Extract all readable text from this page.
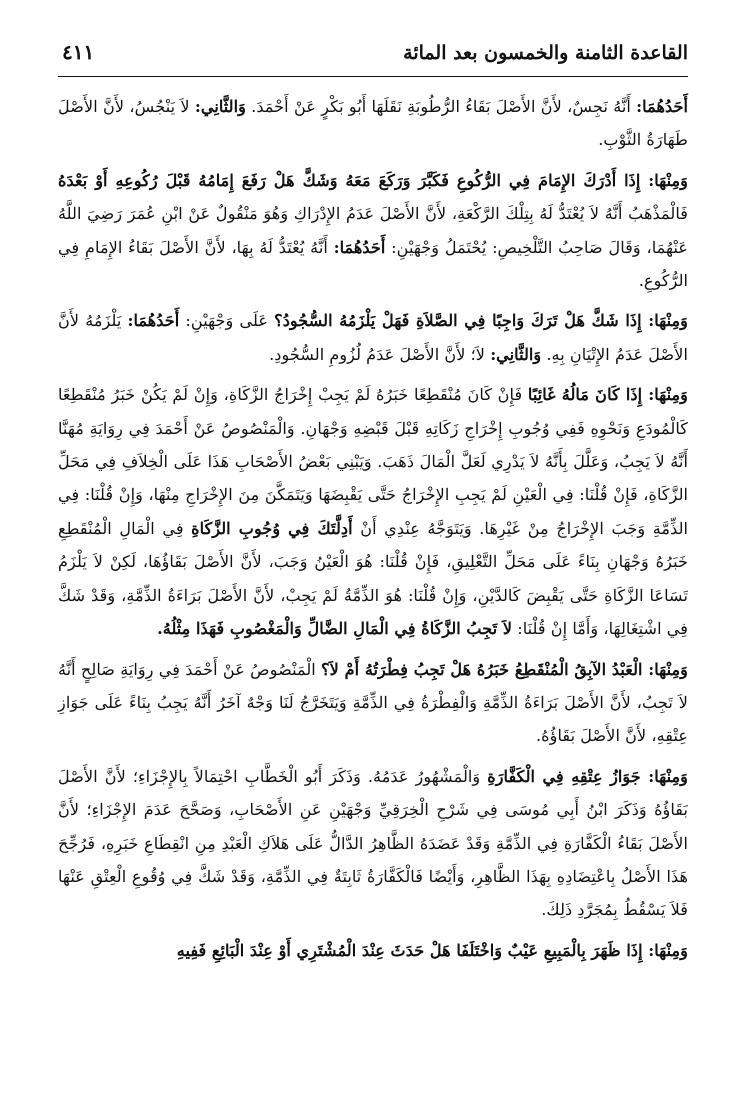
القاعدة الثامنة والخمسون بعد المائة
٤١١

أَحَدُهُمَا: أَنَّهُ نَجِسٌ، لأَنَّ الأَصْلَ بَقَاءُ الرُّطُوبَةِ نَقَلَهَا أَبُو بَكْرٍ عَنْ أَحْمَدَ. وَالثَّانِي: لاَ يَنْجُسُ، لأَنَّ الأَصْلَ طَهَارَةُ الثَّوْبِ.

وَمِنْهَا: إِذَا أَدْرَكَ الإِمَامَ فِي الرُّكُوعِ فَكَبَّرَ وَرَكَعَ مَعَهُ وَشَكَّ هَلْ رَفَعَ إِمَامُهُ قَبْلَ رُكُوعِهِ أَوْ بَعْدَهُ فَالْمَذْهَبُ أَنَّهُ لاَ يُعْتَدُّ لَهُ بِتِلْكَ الرَّكْعَةِ، لأَنَّ الأَصْلَ عَدَمُ الإِدْرَاكِ وَهُوَ مَنْقُولٌ عَنْ ابْنِ عُمَرَ رَضِيَ اللَّهُ عَنْهُمَا، وَقَالَ صَاحِبُ التَّلْخِيصِ: يُحْتَمَلُ وَجْهَيْنِ: أَحَدُهُمَا: أَنَّهُ يُعْتَدُّ لَهُ بِهَا، لأَنَّ الأَصْلَ بَقَاءُ الإِمَامِ فِي الرُّكُوعِ.

وَمِنْهَا: إِذَا شَكَّ هَلْ تَرَكَ وَاجِبًا فِي الصَّلاَةِ فَهَلْ يَلْزَمُهُ السُّجُودُ؟ عَلَى وَجْهَيْنِ: أَحَدُهُمَا: يَلْزَمُهُ لأَنَّ الأَصْلَ عَدَمُ الإِتْيَانِ بِهِ. وَالثَّانِي: لاَ؛ لأَنَّ الأَصْلَ عَدَمُ لُزُومِ السُّجُودِ.

وَمِنْهَا: إِذَا كَانَ مَالُهُ غَائِبًا فَإِنْ كَانَ مُنْقَطِعًا خَبَرُهُ لَمْ يَجِبْ إِخْرَاجُ الزَّكَاةِ، وَإِنْ لَمْ يَكُنْ خَبَرُ مُنْقَطِعًا كَالْمُودَعِ وَنَحْوِهِ فَفِي وُجُوبِ إِخْرَاجِ زَكَاتِهِ قَبْلَ قَبْضِهِ وَجْهَانِ. وَالْمَنْصُوصُ عَنْ أَحْمَدَ فِي رِوَايَةِ مُهَنَّا أَنَّهُ لاَ يَجِبُ، وَعَلَّلَ بِأَنَّهُ لاَ يَدْرِي لَعَلَّ الْمَالَ ذَهَبَ. وَيَبْنِي بَعْضُ الأَصْحَابِ هَذَا عَلَى الْخِلاَفِ فِي مَحَلِّ الزَّكَاةِ، فَإِنْ قُلْنَا: فِي الْعَيْنِ لَمْ يَجِبِ الإِخْرَاجُ حَتَّى يَقْبِضَهَا وَيَتَمَكَّنَ مِنَ الإِخْرَاجِ مِنْهَا، وَإِنْ قُلْنَا: فِي الذِّمَّةِ وَجَبَ الإِخْرَاجُ مِنْ غَيْرِهَا. وَيَتَوَجَّهُ عِنْدِي أَنْ أَدِلَّتَكَ فِي وُجُوبِ الزَّكَاةِ فِي الْمَالِ الْمُنْقَطِعِ خَبَرُهُ وَجْهَانِ بِنَاءً عَلَى مَحَلِّ التَّعْلِيقِ، فَإِنْ قُلْنَا: هُوَ الْعَيْنُ وَجَبَ، لأَنَّ الأَصْلَ بَقَاؤُهَا، لَكِنْ لاَ يَلْزَمُ تَسَاعَا الزَّكَاةِ حَتَّى يَقْبِضَ كَالدَّيْنِ، وَإِنْ قُلْنَا: هُوَ الذِّمَّةُ لَمْ يَجِبْ، لأَنَّ الأَصْلَ بَرَاءَةُ الذِّمَّةِ، وَقَدْ شَكَّ فِي اشْتِغَالِهَا، وَأَمَّا إِنْ قُلْنَا: لاَ تَجِبُ الزَّكَاةُ فِي الْمَالِ الضَّالِّ وَالْمَغْصُوبِ فَهَذَا مِثْلُهُ.

وَمِنْهَا: الْعَبْدُ الآبِقُ الْمُنْقَطِعُ خَبَرُهُ هَلْ تَجِبُ فِطْرَتُهُ أَمْ لاَ؟ الْمَنْصُوصُ عَنْ أَحْمَدَ فِي رِوَايَةِ صَالِحٍ أَنَّهُ لاَ تَجِبُ، لأَنَّ الأَصْلَ بَرَاءَةُ الذِّمَّةِ وَالْفِطْرَةُ فِي الذِّمَّةِ وَيَتَخَرَّجُ لَنَا وَجْهٌ آخَرُ أَنَّهُ يَجِبُ بِنَاءً عَلَى جَوَازِ عِتْقِهِ، لأَنَّ الأَصْلَ بَقَاؤُهُ.

وَمِنْهَا: جَوَازُ عِتْقِهِ فِي الْكَفَّارَةِ وَالْمَشْهُورُ عَدَمُهُ. وَذَكَرَ أَبُو الْخَطَّابِ احْتِمَالاً بِالإِجْزَاءِ؛ لأَنَّ الأَصْلَ بَقَاؤُهُ وَذَكَرَ ابْنُ أَبِي مُوسَى فِي شَرْحِ الْخِرَقِيِّ وَجْهَيْنِ عَنِ الأَصْحَابِ، وَصَحَّحَ عَدَمَ الإِجْزَاءِ؛ لأَنَّ الأَصْلَ بَقَاءُ الْكَفَّارَةِ فِي الذِّمَّةِ وَقَدْ عَضَدَهُ الظَّاهِرُ الدَّالُّ عَلَى هَلاَكِ الْعَبْدِ مِنِ انْقِطَاعِ خَبَرِهِ، فَرُجِّحَ هَذَا الأَصْلُ بِاعْتِضَادِهِ بِهَذَا الظَّاهِرِ، وَأَيْضًا فَالْكَفَّارَةُ ثَابِتَةٌ فِي الذِّمَّةِ، وَقَدْ شَكَّ فِي وُقُوعِ الْعِتْقِ عَنْهَا فَلاَ يَسْقُطُ بِمُجَرَّدِ ذَلِكَ.

وَمِنْهَا: إِذَا ظَهَرَ بِالْمَبِيعِ عَيْبٌ وَاخْتَلَفَا هَلْ حَدَثَ عِنْدَ الْمُشْتَرِي أَوْ عِنْدَ الْبَائِعِ فَفِيهِ
